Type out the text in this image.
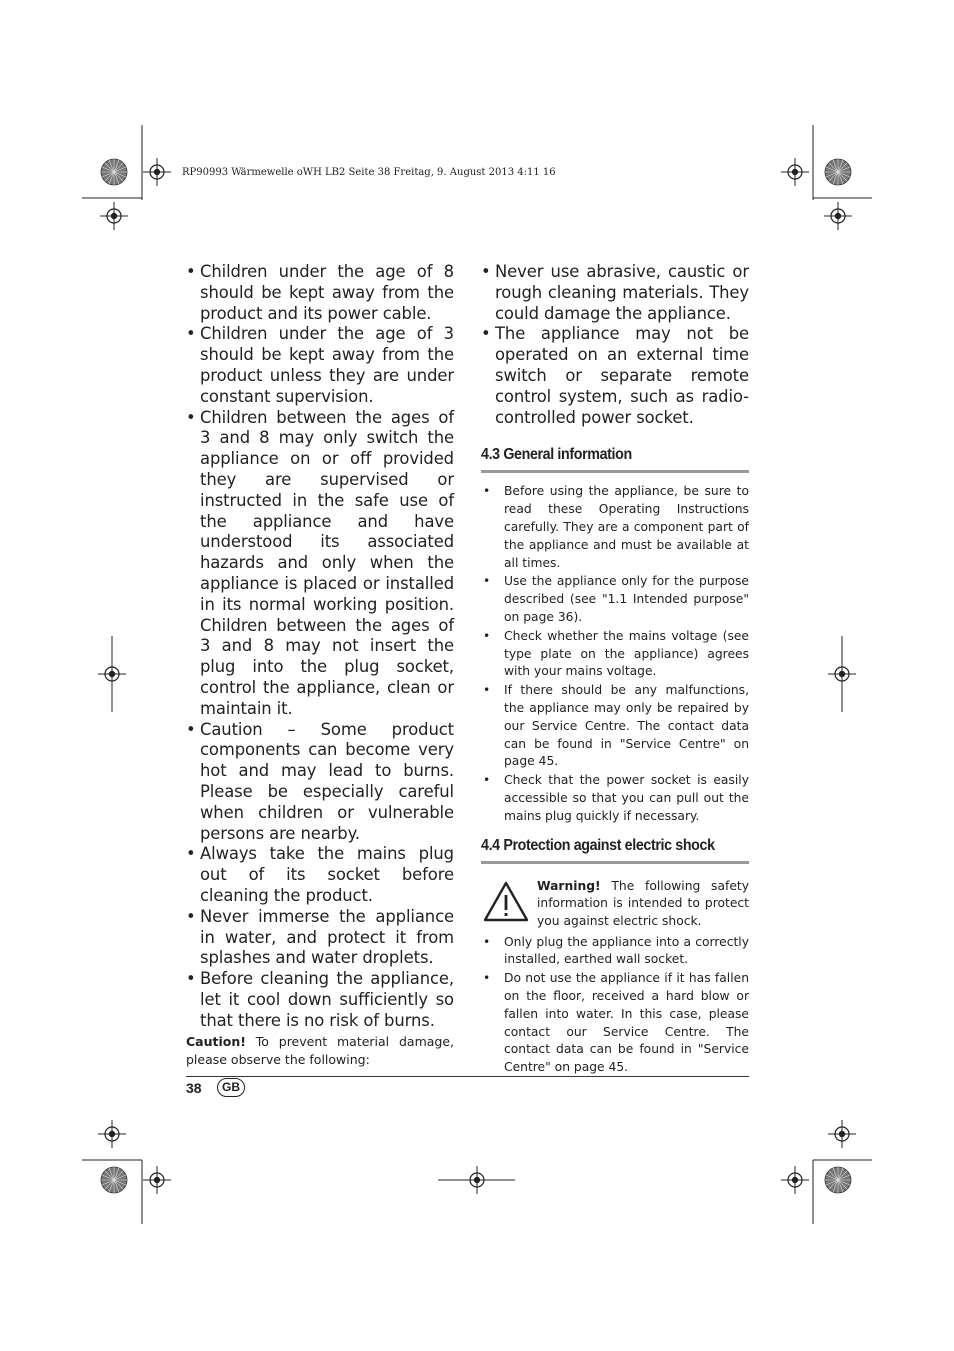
RP90993 Wärmewelle oWH LB2 Seite 38 Freitag, 9. August 2013 4:11 16
• Children under the age of 8 should be kept away from the product and its power cable.
• Children under the age of 3 should be kept away from the product unless they are under constant supervision.
• Children between the ages of 3 and 8 may only switch the appliance on or off provided they are supervised or instructed in the safe use of the appliance and have understood its associated hazards and only when the appliance is placed or installed in its normal working position. Children between the ages of 3 and 8 may not insert the plug into the plug socket, control the appliance, clean or maintain it.
• Caution – Some product components can become very hot and may lead to burns. Please be especially careful when children or vulnerable persons are nearby.
• Always take the mains plug out of its socket before cleaning the product.
• Never immerse the appliance in water, and protect it from splashes and water droplets.
• Before cleaning the appliance, let it cool down sufficiently so that there is no risk of burns.
Caution! To prevent material damage, please observe the following:
• Never use abrasive, caustic or rough cleaning materials. They could damage the appliance.
• The appliance may not be operated on an external time switch or separate remote control system, such as radio-controlled power socket.
4.3 General information
• Before using the appliance, be sure to read these Operating Instructions carefully. They are a component part of the appliance and must be available at all times.
• Use the appliance only for the purpose described (see "1.1 Intended purpose" on page 36).
• Check whether the mains voltage (see type plate on the appliance) agrees with your mains voltage.
• If there should be any malfunctions, the appliance may only be repaired by our Service Centre. The contact data can be found in "Service Centre" on page 45.
• Check that the power socket is easily accessible so that you can pull out the mains plug quickly if necessary.
4.4 Protection against electric shock
Warning! The following safety information is intended to protect you against electric shock.
• Only plug the appliance into a correctly installed, earthed wall socket.
• Do not use the appliance if it has fallen on the floor, received a hard blow or fallen into water. In this case, please contact our Service Centre. The contact data can be found in "Service Centre" on page 45.
38	GB
